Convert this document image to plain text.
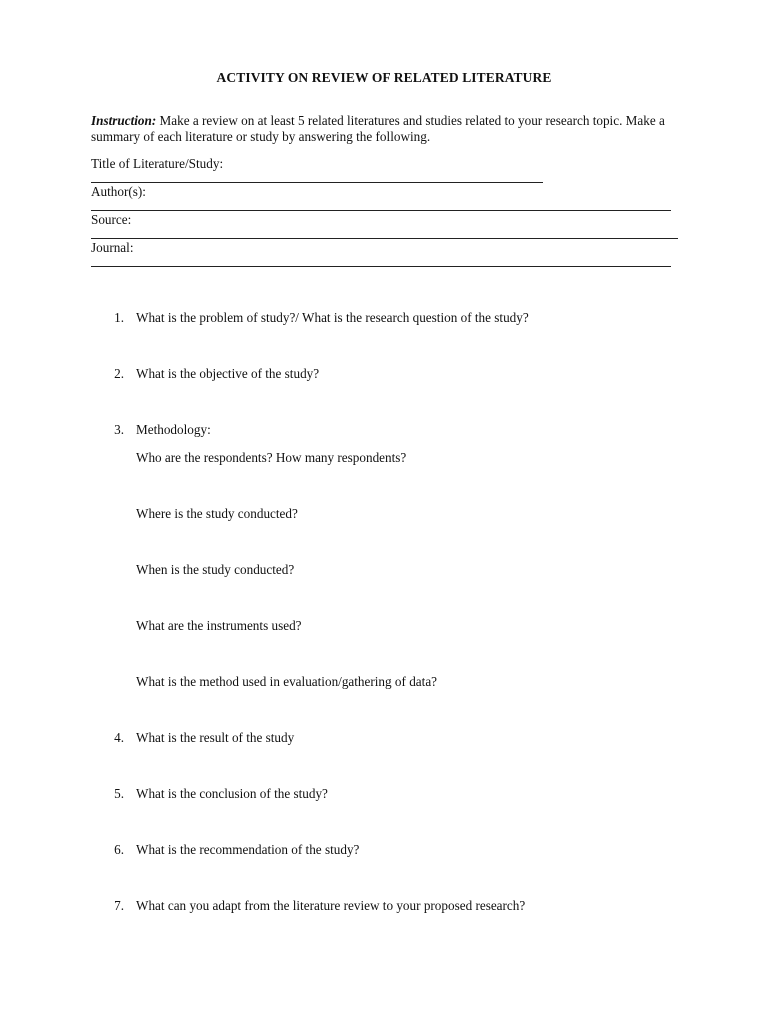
ACTIVITY ON REVIEW OF RELATED LITERATURE
Instruction: Make a review on at least 5 related literatures and studies related to your research topic. Make a summary of each literature or study by answering the following.
Title of Literature/Study:
Author(s):
Source:
Journal:
1. What is the problem of study?/ What is the research question of the study?
2. What is the objective of the study?
3. Methodology:
Who are the respondents? How many respondents?
Where is the study conducted?
When is the study conducted?
What are the instruments used?
What is the method used in evaluation/gathering of data?
4. What is the result of the study
5. What is the conclusion of the study?
6. What is the recommendation of the study?
7. What can you adapt from the literature review to your proposed research?
